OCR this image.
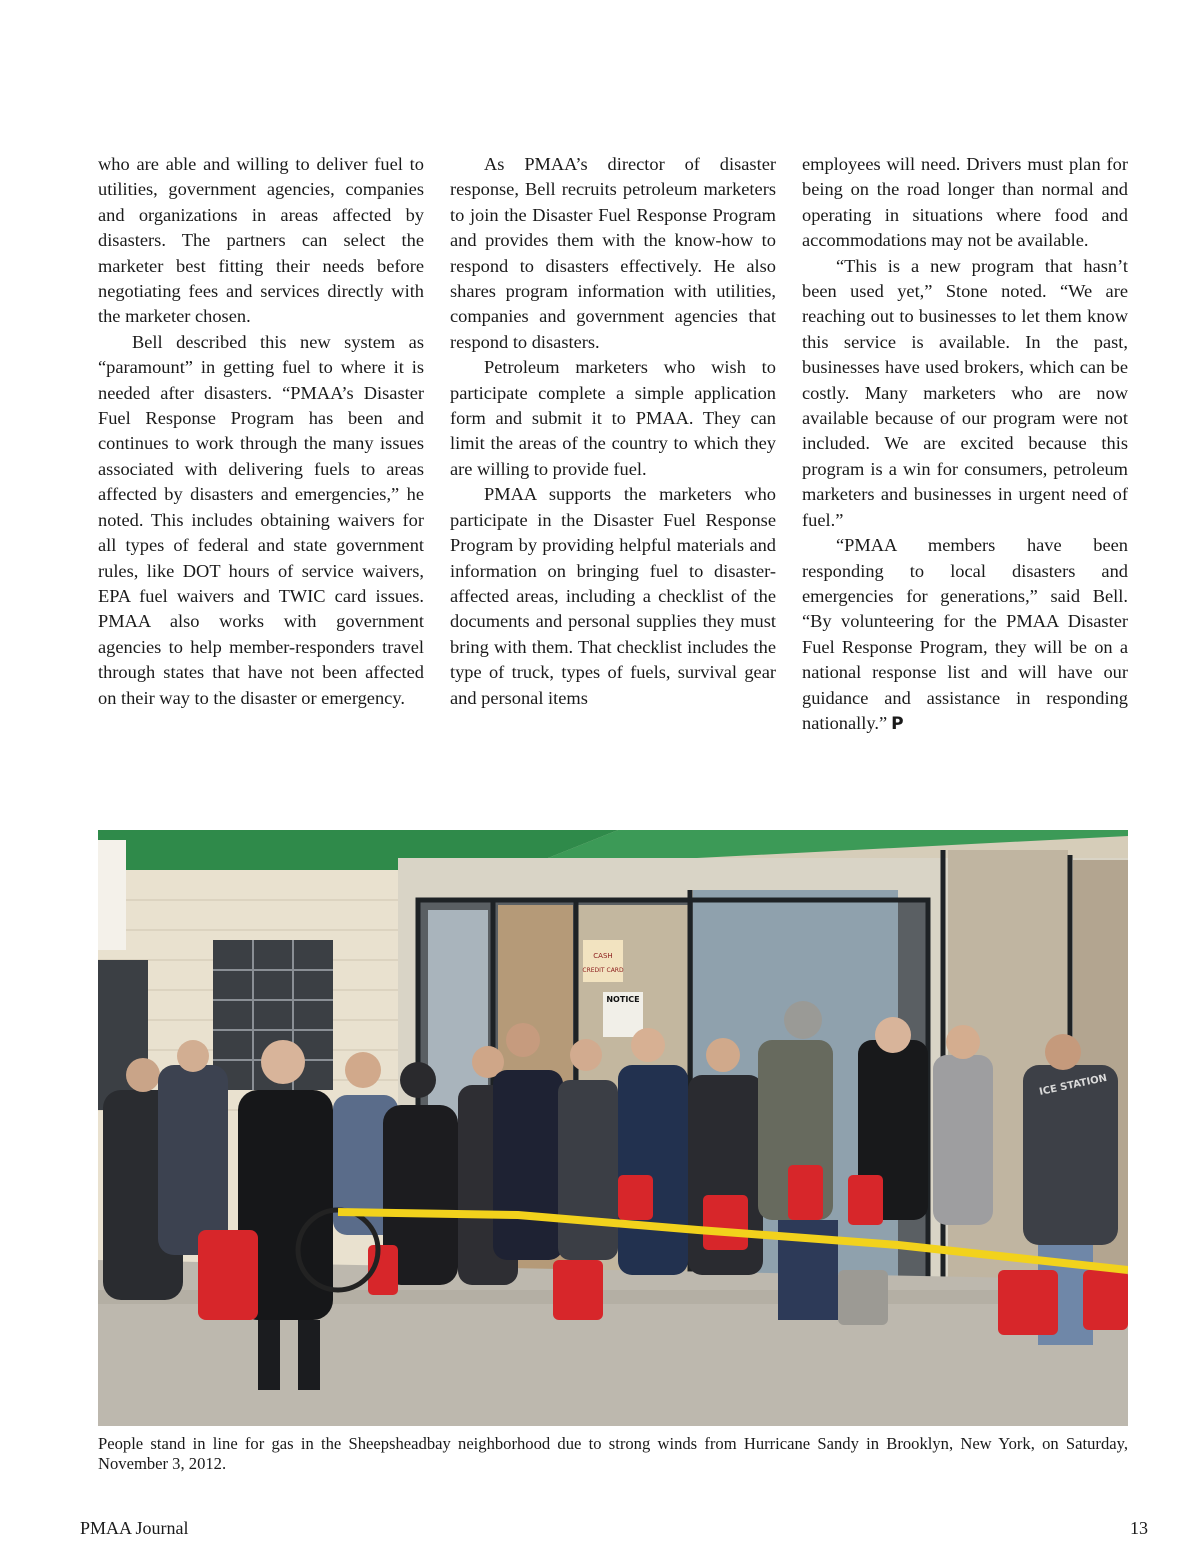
who are able and willing to deliver fuel to utilities, government agencies, companies and organizations in areas affected by disasters. The partners can select the marketer best fitting their needs before negotiating fees and services directly with the marketer chosen.

Bell described this new system as “paramount” in getting fuel to where it is needed after disasters. “PMAA’s Disaster Fuel Response Program has been and continues to work through the many issues associated with delivering fuels to areas affected by disasters and emergencies,” he noted. This includes obtaining waivers for all types of federal and state government rules, like DOT hours of service waivers, EPA fuel waivers and TWIC card issues. PMAA also works with government agencies to help member-responders travel through states that have not been affected on their way to the disaster or emergency.

As PMAA’s director of disaster response, Bell recruits petroleum marketers to join the Disaster Fuel Response Program and provides them with the know-how to respond to disasters effectively. He also shares program information with utilities, companies and government agencies that respond to disasters.

Petroleum marketers who wish to participate complete a simple application form and submit it to PMAA. They can limit the areas of the country to which they are willing to provide fuel.

PMAA supports the marketers who participate in the Disaster Fuel Response Program by providing helpful materials and information on bringing fuel to disaster-affected areas, including a checklist of the documents and personal supplies they must bring with them. That checklist includes the type of truck, types of fuels, survival gear and personal items

employees will need. Drivers must plan for being on the road longer than normal and operating in situations where food and accommodations may not be available.

“This is a new program that hasn’t been used yet,” Stone noted. “We are reaching out to businesses to let them know this service is available. In the past, businesses have used brokers, which can be costly. Many marketers who are now available because of our program were not included. We are excited because this program is a win for consumers, petroleum marketers and businesses in urgent need of fuel.”

“PMAA members have been responding to local disasters and emergencies for generations,” said Bell. “By volunteering for the PMAA Disaster Fuel Response Program, they will be on a national response list and will have our guidance and assistance in responding nationally.” P

CASH
CREDIT CARD
NOTICE
ICE STATION
People stand in line for gas in the Sheepsheadbay neighborhood due to strong winds from Hurricane Sandy in Brooklyn, New York, on Saturday, November 3, 2012.
PMAA Journal	13
